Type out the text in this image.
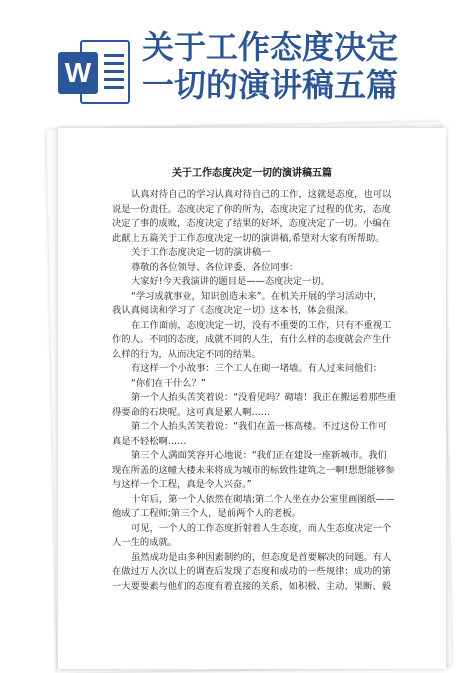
W
关于工作态度决定
一切的演讲稿五篇
关于工作态度决定一切的演讲稿五篇

认真对待自己的学习认真对待自己的工作，这就是态度，也可以

说是一份责任。态度决定了你的所为，态度决定了过程的优劣，态度

决定了事的成败，态度决定了结果的好坏，态度决定了一切。小编在

此献上五篇关于工作态度决定一切的演讲稿,希望对大家有所帮助。

关于工作态度决定一切的演讲稿一

尊敬的各位领导、各位评委、各位同事：

大家好!今天我演讲的题目是——态度决定一切。

“学习成就事业，知识创造未来”。在机关开展的学习活动中，

我认真阅读和学习了《态度决定一切》这本书，体会很深。

在工作面前，态度决定一切，没有不重要的工作，只有不重视工

作的人。不同的态度，成就不同的人生，有什么样的态度就会产生什

么样的行为，从而决定不同的结果。

有这样一个小故事：三个工人在砌一堵墙。有人过来问他们：

“你们在干什么？”

第一个人抬头苦笑着说：“没看见吗？砌墙！我正在搬运着那些重

得要命的石块呢。这可真是累人啊……

第二个人抬头苦笑着说：“我们在盖一栋高楼。不过这份工作可

真是不轻松啊……

第三个人满面笑容开心地说：“我们正在建设一座新城市。我们

现在所盖的这幢大楼未来将成为城市的标致性建筑之一啊!想想能够参

与这样一个工程，真是令人兴奋。”

十年后，第一个人依然在砌墙;第二个人坐在办公室里画图纸——

他成了工程师;第三个人，是前两个人的老板。

可见，一个人的工作态度折射着人生态度，而人生态度决定一个

人一生的成就。

虽然成功是由多种因素制约的，但态度是首要解决的问题。有人

在做过万人次以上的调查后发现了态度和成功的一些规律：成功的第

一大要要素与他们的态度有着直接的关系，如积极、主动、果断、毅
